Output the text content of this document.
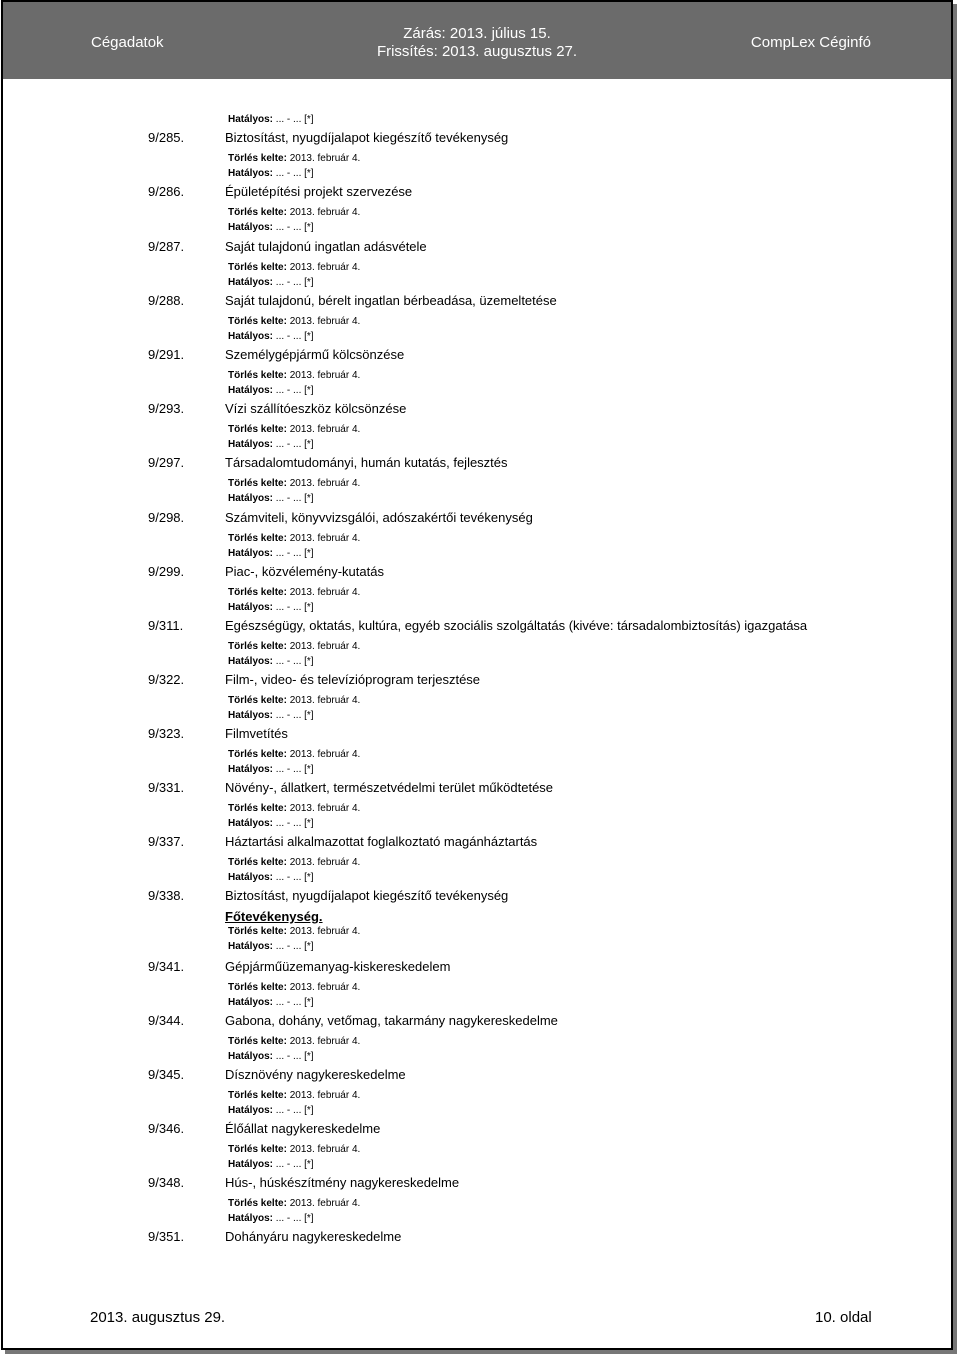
Cégadatok
Zárás: 2013. július 15.
Frissítés: 2013. augusztus 27.
CompLex Céginfó
Hatályos: ... - ... [*]
9/285.	Biztosítást, nyugdíjalapot kiegészítő tevékenység
Törlés kelte: 2013. február 4.
Hatályos: ... - ... [*]
9/286.	Épületépítési projekt szervezése
Törlés kelte: 2013. február 4.
Hatályos: ... - ... [*]
9/287.	Saját tulajdonú ingatlan adásvétele
Törlés kelte: 2013. február 4.
Hatályos: ... - ... [*]
9/288.	Saját tulajdonú, bérelt ingatlan bérbeadása, üzemeltetése
Törlés kelte: 2013. február 4.
Hatályos: ... - ... [*]
9/291.	Személygépjármű kölcsönzése
Törlés kelte: 2013. február 4.
Hatályos: ... - ... [*]
9/293.	Vízi szállítóeszköz kölcsönzése
Törlés kelte: 2013. február 4.
Hatályos: ... - ... [*]
9/297.	Társadalomtudományi, humán kutatás, fejlesztés
Törlés kelte: 2013. február 4.
Hatályos: ... - ... [*]
9/298.	Számviteli, könyvvizsgálói, adószakértői tevékenység
Törlés kelte: 2013. február 4.
Hatályos: ... - ... [*]
9/299.	Piac-, közvélemény-kutatás
Törlés kelte: 2013. február 4.
Hatályos: ... - ... [*]
9/311.	Egészségügy, oktatás, kultúra, egyéb szociális szolgáltatás (kivéve: társadalombiztosítás) igazgatása
Törlés kelte: 2013. február 4.
Hatályos: ... - ... [*]
9/322.	Film-, video- és televízióprogram terjesztése
Törlés kelte: 2013. február 4.
Hatályos: ... - ... [*]
9/323.	Filmvetítés
Törlés kelte: 2013. február 4.
Hatályos: ... - ... [*]
9/331.	Növény-, állatkert, természetvédelmi terület működtetése
Törlés kelte: 2013. február 4.
Hatályos: ... - ... [*]
9/337.	Háztartási alkalmazottat foglalkoztató magánháztartás
Törlés kelte: 2013. február 4.
Hatályos: ... - ... [*]
9/338.	Biztosítást, nyugdíjalapot kiegészítő tevékenység
Főtevékenység.
Törlés kelte: 2013. február 4.
Hatályos: ... - ... [*]
9/341.	Gépjárműüzemanyag-kiskereskedelem
Törlés kelte: 2013. február 4.
Hatályos: ... - ... [*]
9/344.	Gabona, dohány, vetőmag, takarmány nagykereskedelme
Törlés kelte: 2013. február 4.
Hatályos: ... - ... [*]
9/345.	Dísznövény nagykereskedelme
Törlés kelte: 2013. február 4.
Hatályos: ... - ... [*]
9/346.	Élőállat nagykereskedelme
Törlés kelte: 2013. február 4.
Hatályos: ... - ... [*]
9/348.	Hús-, húskészítmény nagykereskedelme
Törlés kelte: 2013. február 4.
Hatályos: ... - ... [*]
9/351.	Dohányáru nagykereskedelme
2013. augusztus 29.	10. oldal
